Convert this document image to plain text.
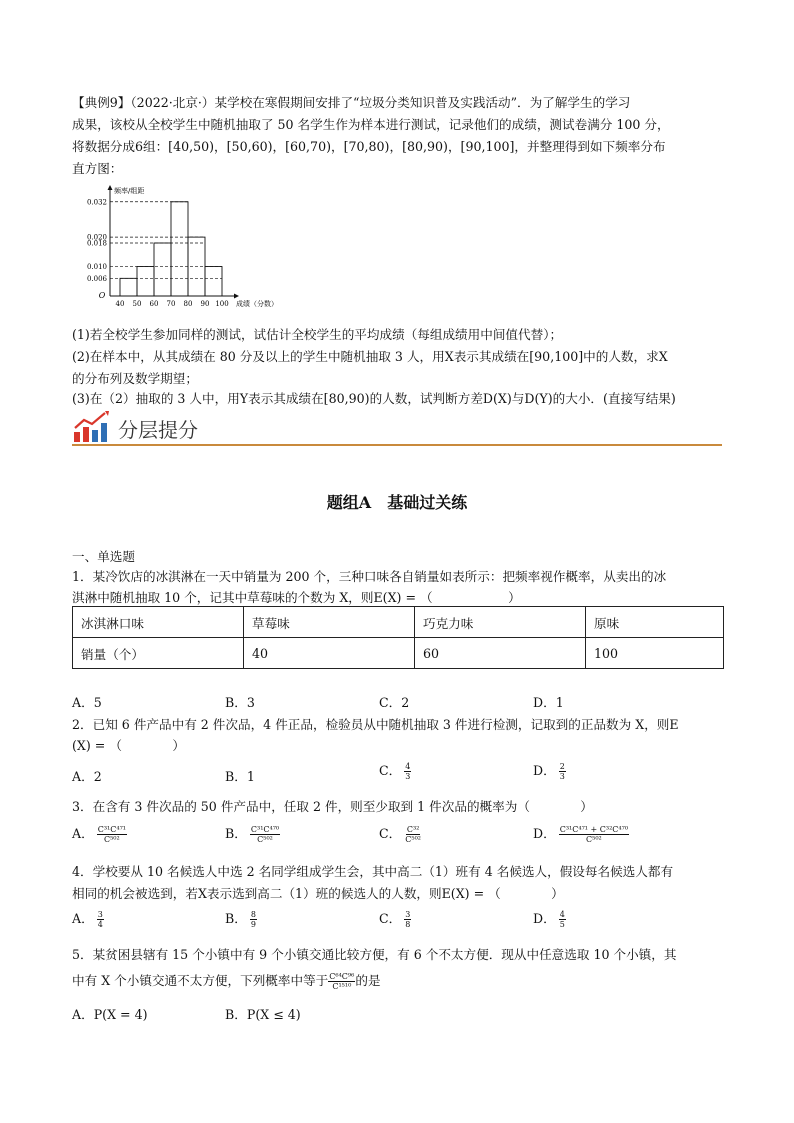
【典例9】（2022·北京·）某学校在寒假期间安排了“垃圾分类知识普及实践活动”．为了解学生的学习
成果，该校从全校学生中随机抽取了 50 名学生作为样本进行测试，记录他们的成绩，测试卷满分 100 分，
将数据分成6组：[40,50)，[50,60)，[60,70)，[70,80)，[80,90)，[90,100]，并整理得到如下频率分布
直方图：
0.006
0.010
0.018
0.020
0.032
40 50 60 70 80 90 100
O
频率/组距
成绩（分数）
(1)若全校学生参加同样的测试，试估计全校学生的平均成绩（每组成绩用中间值代替）；
(2)在样本中，从其成绩在 80 分及以上的学生中随机抽取 3 人，用X表示其成绩在[90,100]中的人数，求X
的分布列及数学期望；
(3)在（2）抽取的 3 人中，用Y表示其成绩在[80,90)的人数，试判断方差D(X)与D(Y)的大小．(直接写结果)
分层提分
题组A　基础过关练
一、单选题
1．某冷饮店的冰淇淋在一天中销量为 200 个，三种口味各自销量如表所示：把频率视作概率，从卖出的冰
淇淋中随机抽取 10 个，记其中草莓味的个数为 X，则E(X) = （　　　　　　）
冰淇淋口味	草莓味	巧克力味	原味
销量（个）	40	60	100
A．5	B．3	C．2	D．1
2．已知 6 件产品中有 2 件次品，4 件正品，检验员从中随机抽取 3 件进行检测，记取到的正品数为 X，则E
(X) = （　　　　）
A．2	B．1	C． $\frac{4}{3}$	D． $\frac{2}{3}$
3．在含有 3 件次品的 50 件产品中，任取 2 件，则至少取到 1 件次品的概率为（　　　　）
A． $\frac{\text{C³¹C⁴⁷¹}}{\text{C⁵⁰²}}$	B． $\frac{\text{C³¹C⁴⁷⁰}}{\text{C⁵⁰²}}$	C． $\frac{\text{C³²}}{\text{C⁵⁰²}}$	D． $\frac{\text{C³¹C⁴⁷¹ + C³²C⁴⁷⁰}}{\text{C⁵⁰²}}$
4．学校要从 10 名候选人中选 2 名同学组成学生会，其中高二（1）班有 4 名候选人，假设每名候选人都有
相同的机会被选到，若X表示选到高二（1）班的候选人的人数，则E(X) = （　　　　）
A． $\frac{3}{4}$	B． $\frac{8}{9}$	C． $\frac{3}{8}$	D． $\frac{4}{5}$
5．某贫困县辖有 15 个小镇中有 9 个小镇交通比较方便，有 6 个不太方便．现从中任意选取 10 个小镇，其
中有 X 个小镇交通不太方便，下列概率中等于 $\frac{\text{C⁶⁴C⁹⁶}}{\text{C¹⁵¹⁰}}$ 的是
A．P(X = 4)	B．P(X ≤ 4)
